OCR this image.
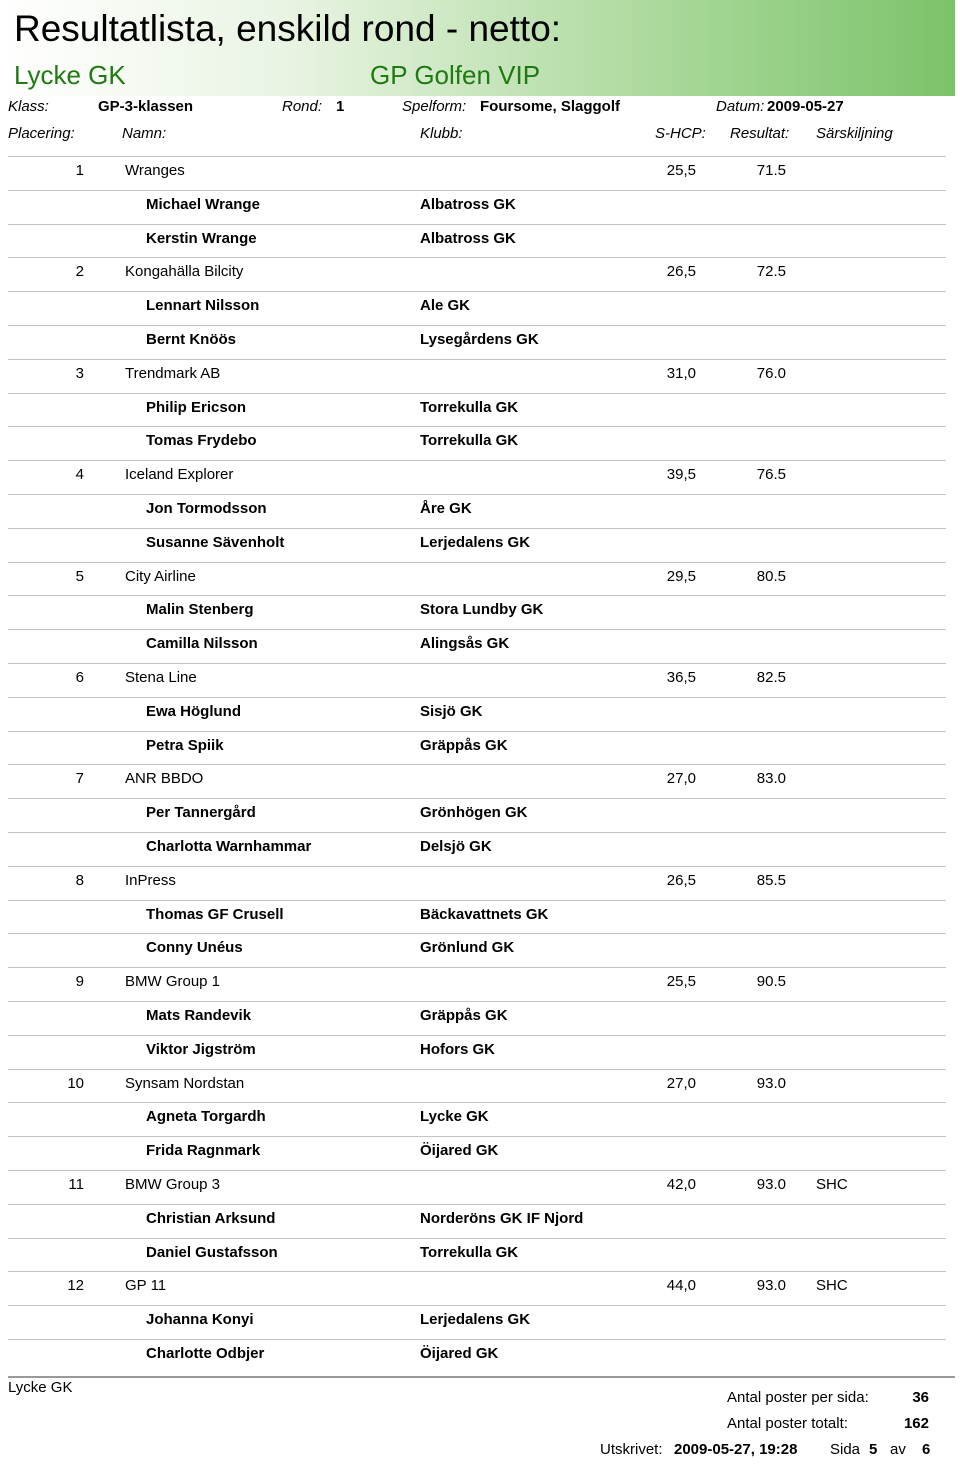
Resultatlista, enskild rond - netto:
Lycke GK	GP Golfen VIP
Klass:	GP-3-klassen	Rond: 1	Spelform: Foursome, Slaggolf	Datum: 2009-05-27
Placering:	Namn:	Klubb:	S-HCP: Resultat: Särskiljning
1	Wranges	25,5	71.5
Michael Wrange	Albatross GK
Kerstin Wrange	Albatross GK
2	Kongahälla Bilcity	26,5	72.5
Lennart Nilsson	Ale GK
Bernt Knöös	Lysegårdens GK
3	Trendmark AB	31,0	76.0
Philip Ericson	Torrekulla GK
Tomas Frydebo	Torrekulla GK
4	Iceland Explorer	39,5	76.5
Jon Tormodsson	Åre GK
Susanne Sävenholt	Lerjedalens GK
5	City Airline	29,5	80.5
Malin Stenberg	Stora Lundby GK
Camilla Nilsson	Alingsås GK
6	Stena Line	36,5	82.5
Ewa Höglund	Sisjö GK
Petra Spiik	Gräppås GK
7	ANR BBDO	27,0	83.0
Per Tannergård	Grönhögen GK
Charlotta Warnhammar	Delsjö GK
8	InPress	26,5	85.5
Thomas GF Crusell	Bäckavattnets GK
Conny Unéus	Grönlund GK
9	BMW Group 1	25,5	90.5
Mats Randevik	Gräppås GK
Viktor Jigström	Hofors GK
10	Synsam Nordstan	27,0	93.0
Agneta Torgardh	Lycke GK
Frida Ragnmark	Öijared GK
11	BMW Group 3	42,0	93.0 SHC
Christian Arksund	Norderöns GK IF Njord
Daniel Gustafsson	Torrekulla GK
12	GP 11	44,0	93.0 SHC
Johanna Konyi	Lerjedalens GK
Charlotte Odbjer	Öijared GK
Lycke GK
Antal poster per sida:	36
Antal poster totalt:	162
Utskrivet: 2009-05-27, 19:28 Sida 5 av 6
